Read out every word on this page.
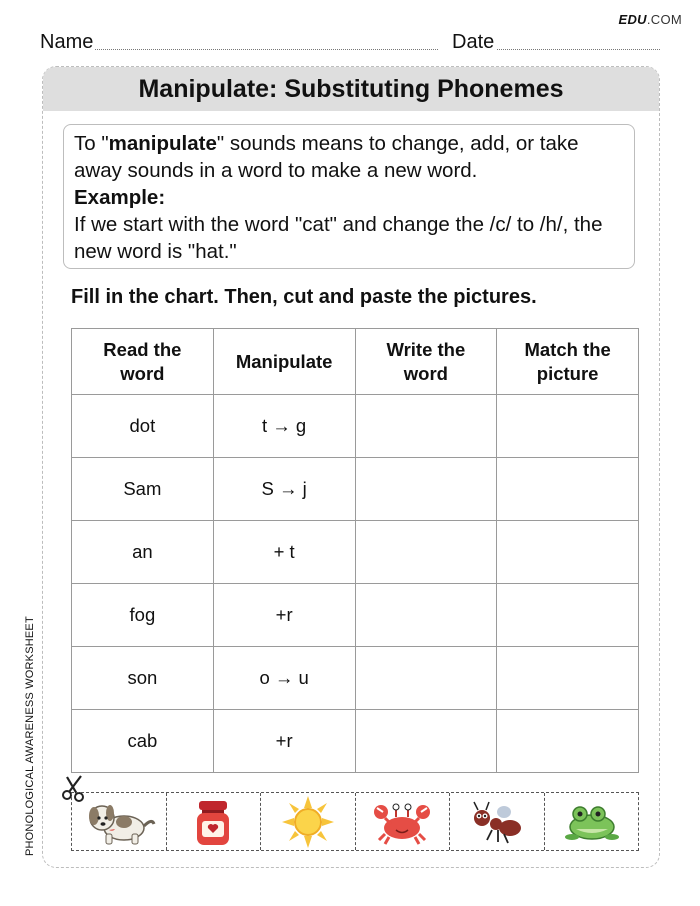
EDU.COM
Name	Date
Manipulate: Substituting Phonemes
To "manipulate" sounds means to change, add, or take away sounds in a word to make a new word.
Example:
If we start with the word "cat" and change the /c/ to /h/, the new word is "hat."
Fill in the chart. Then, cut and paste the pictures.
Read the word	Manipulate	Write the word	Match the picture
dot	t → g		
Sam	S → j		
an	+ t		
fog	+r		
son	o → u		
cab	+r		
PHONOLOGICAL AWARENESS WORKSHEET
